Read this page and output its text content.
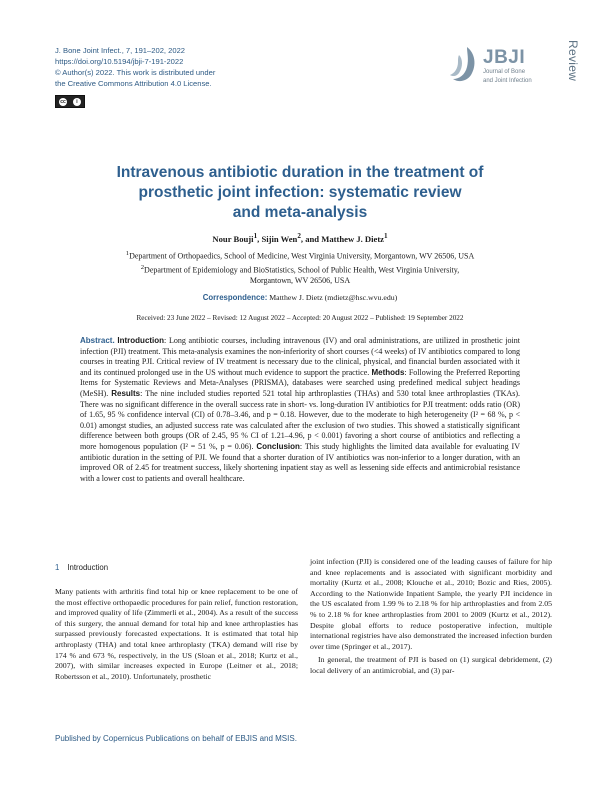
J. Bone Joint Infect., 7, 191–202, 2022
https://doi.org/10.5194/jbji-7-191-2022
© Author(s) 2022. This work is distributed under
the Creative Commons Attribution 4.0 License.
cc	i
JBJI
Journal of Bone
and Joint Infection	Review
Intravenous antibiotic duration in the treatment of
prosthetic joint infection: systematic review
and meta-analysis
Nour Bouji$^1$, Sijin Wen$^2$, and Matthew J. Dietz$^1$
$^1$Department of Orthopaedics, School of Medicine, West Virginia University, Morgantown, WV 26506, USA
$^2$Department of Epidemiology and BioStatistics, School of Public Health, West Virginia University,
Morgantown, WV 26506, USA
Correspondence: Matthew J. Dietz (mdietz@hsc.wvu.edu)
Received: 23 June 2022 – Revised: 12 August 2022 – Accepted: 20 August 2022 – Published: 19 September 2022
Abstract. Introduction: Long antibiotic courses, including intravenous (IV) and oral administrations, are utilized in prosthetic joint infection (PJI) treatment. This meta-analysis examines the non-inferiority of short courses (<4 weeks) of IV antibiotics compared to long courses in treating PJI. Critical review of IV treatment is necessary due to the clinical, physical, and financial burden associated with it and its continued prolonged use in the US without much evidence to support the practice. Methods: Following the Preferred Reporting Items for Systematic Reviews and Meta-Analyses (PRISMA), databases were searched using predefined medical subject headings (MeSH). Results: The nine included studies reported 521 total hip arthroplasties (THAs) and 530 total knee arthroplasties (TKAs). There was no significant difference in the overall success rate in short- vs. long-duration IV antibiotics for PJI treatment: odds ratio (OR) of 1.65, 95 % confidence interval (CI) of 0.78–3.46, and p = 0.18. However, due to the moderate to high heterogeneity (I² = 68 %, p < 0.01) amongst studies, an adjusted success rate was calculated after the exclusion of two studies. This showed a statistically significant difference between both groups (OR of 2.45, 95 % CI of 1.21–4.96, p < 0.001) favoring a short course of antibiotics and reflecting a more homogenous population (I² = 51 %, p = 0.06). Conclusion: This study highlights the limited data available for evaluating IV antibiotic duration in the setting of PJI. We found that a shorter duration of IV antibiotics was non-inferior to a longer duration, with an improved OR of 2.45 for treatment success, likely shortening inpatient stay as well as lessening side effects and antimicrobial resistance with a lower cost to patients and overall healthcare.
1 Introduction
Many patients with arthritis find total hip or knee replacement to be one of the most effective orthopaedic procedures for pain relief, function restoration, and improved quality of life (Zimmerli et al., 2004). As a result of the success of this surgery, the annual demand for total hip and knee arthroplasties has surpassed previously forecasted expectations. It is estimated that total hip arthroplasty (THA) and total knee arthroplasty (TKA) demand will rise by 174 % and 673 %, respectively, in the US (Sloan et al., 2018; Kurtz et al., 2007), with similar increases expected in Europe (Leitner et al., 2018; Robertsson et al., 2010). Unfortunately, prosthetic

joint infection (PJI) is considered one of the leading causes of failure for hip and knee replacements and is associated with significant morbidity and mortality (Kurtz et al., 2008; Klouche et al., 2010; Bozic and Ries, 2005). According to the Nationwide Inpatient Sample, the yearly PJI incidence in the US escalated from 1.99 % to 2.18 % for hip arthroplasties and from 2.05 % to 2.18 % for knee arthroplasties from 2001 to 2009 (Kurtz et al., 2012). Despite global efforts to reduce postoperative infection, multiple international registries have also demonstrated the increased infection burden over time (Springer et al., 2017).

In general, the treatment of PJI is based on (1) surgical debridement, (2) local delivery of an antimicrobial, and (3) par-

Published by Copernicus Publications on behalf of EBJIS and MSIS.
